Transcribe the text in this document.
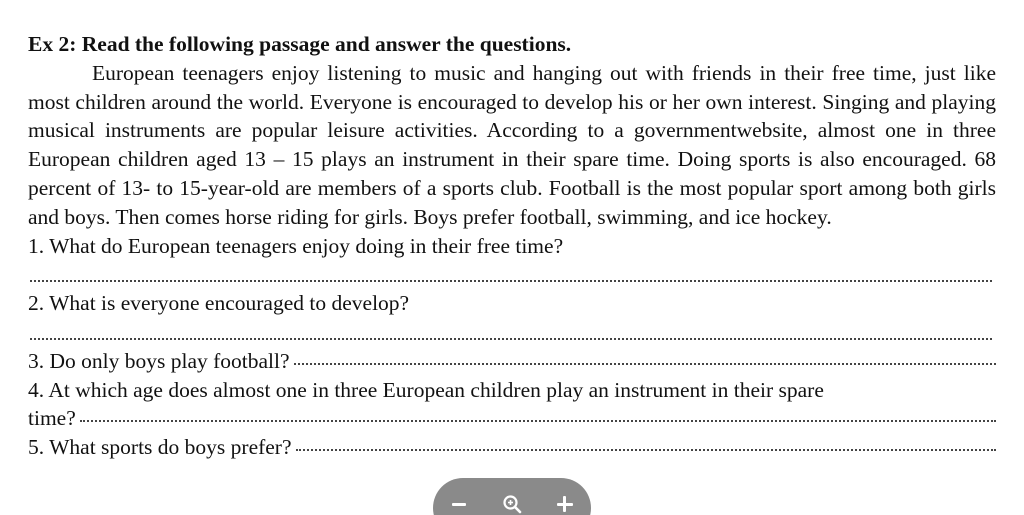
Ex 2: Read the following passage and answer the questions.

European teenagers enjoy listening to music and hanging out with friends in their free time, just like most children around the world. Everyone is encouraged to develop his or her own interest. Singing and playing musical instruments are popular leisure activities. According to a governmentwebsite, almost one in three European children aged 13 – 15 plays an instrument in their spare time. Doing sports is also encouraged. 68 percent of 13- to 15-year-old are members of a sports club. Football is the most popular sport among both girls and boys. Then comes horse riding for girls. Boys prefer football, swimming, and ice hockey.

1. What do European teenagers enjoy doing in their free time?
2. What is everyone encouraged to develop?
3. Do only boys play football?
4. At which age does almost one in three European children play an instrument in their spare
time?
5. What sports do boys prefer?
